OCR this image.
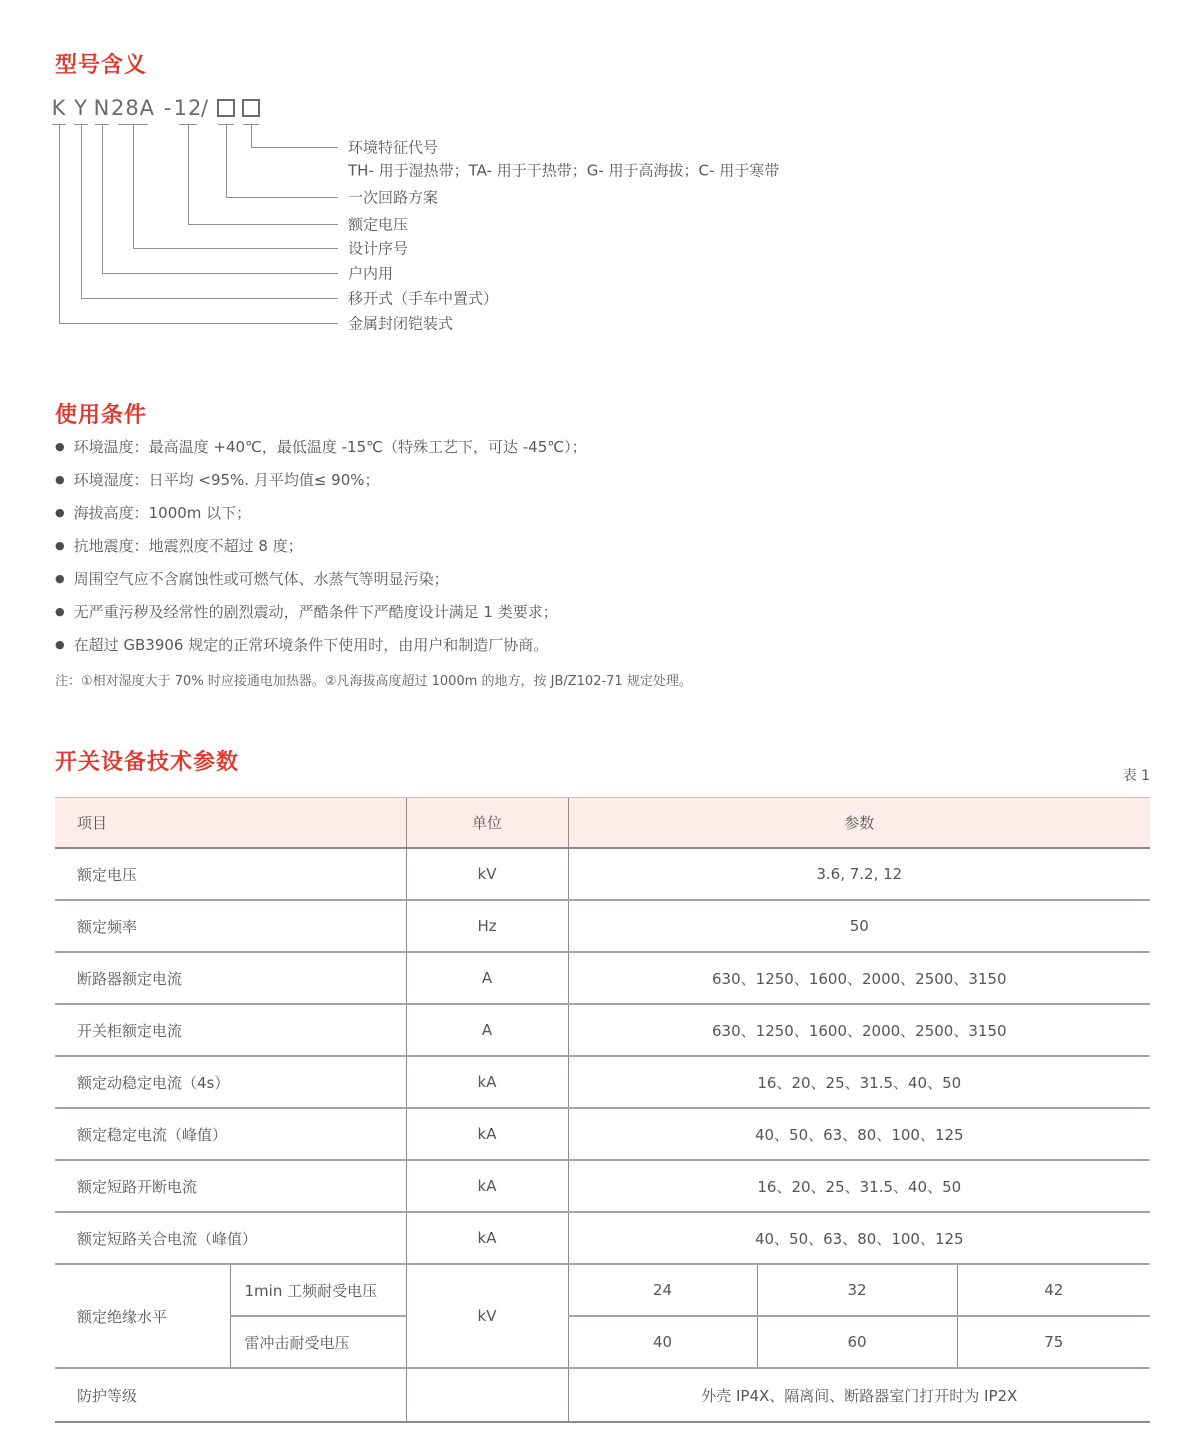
型号含义
K Y N 28A - 12
/
环境特征代号
TH- 用于湿热带；TA- 用于干热带；G- 用于高海拔；C- 用于寒带
一次回路方案
额定电压
设计序号
户内用
移开式（手车中置式）
金属封闭铠装式
使用条件
● 环境温度：最高温度 +40℃，最低温度 -15℃（特殊工艺下，可达 -45℃）；
● 环境湿度：日平均 <95%. 月平均值≤ 90%；
● 海拔高度：1000m 以下；
● 抗地震度：地震烈度不超过 8 度；
● 周围空气应不含腐蚀性或可燃气体、水蒸气等明显污染；
● 无严重污秽及经常性的剧烈震动，严酷条件下严酷度设计满足 1 类要求；
● 在超过 GB3906 规定的正常环境条件下使用时，由用户和制造厂协商。
注：①相对湿度大于 70% 时应接通电加热器。②凡海拔高度超过 1000m 的地方，按 JB/Z102-71 规定处理。
开关设备技术参数
表 1
项目		单位	参数		
额定电压		kV	3.6, 7.2, 12		
额定频率		Hz	50		
断路器额定电流		A	630、1250、1600、2000、2500、3150		
开关柜额定电流		A	630、1250、1600、2000、2500、3150		
额定动稳定电流（4s）		kA	16、20、25、31.5、40、50		
额定稳定电流（峰值）		kA	40、50、63、80、100、125		
额定短路开断电流		kA	16、20、25、31.5、40、50		
额定短路关合电流（峰值）		kA	40、50、63、80、100、125		
额定绝缘水平	1min 工频耐受电压	kV	24	32	42
	雷冲击耐受电压		40	60	75
防护等级			外壳 IP4X、隔离间、断路器室门打开时为 IP2X		
